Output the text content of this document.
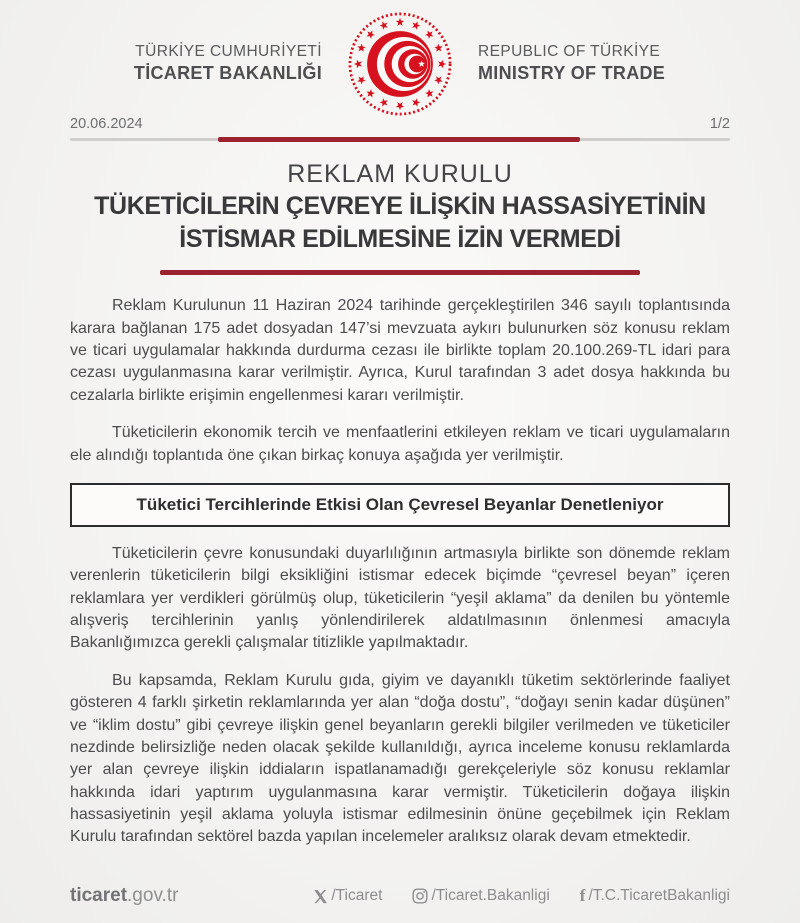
TÜRKİYE CUMHURİYETİ
TİCARET BAKANLIĞI
REPUBLIC OF TÜRKİYE
MINISTRY OF TRADE
20.06.2024	1/2
REKLAM KURULU
TÜKETİCİLERİN ÇEVREYE İLİŞKİN HASSASİYETİNİN
İSTİSMAR EDİLMESİNE İZİN VERMEDİ

Reklam Kurulunun 11 Haziran 2024 tarihinde gerçekleştirilen 346 sayılı toplantısında karara bağlanan 175 adet dosyadan 147’si mevzuata aykırı bulunurken söz konusu reklam ve ticari uygulamalar hakkında durdurma cezası ile birlikte toplam 20.100.269-TL idari para cezası uygulanmasına karar verilmiştir. Ayrıca, Kurul tarafından 3 adet dosya hakkında bu cezalarla birlikte erişimin engellenmesi kararı verilmiştir.

Tüketicilerin ekonomik tercih ve menfaatlerini etkileyen reklam ve ticari uygulamaların ele alındığı toplantıda öne çıkan birkaç konuya aşağıda yer verilmiştir.

Tüketici Tercihlerinde Etkisi Olan Çevresel Beyanlar Denetleniyor

Tüketicilerin çevre konusundaki duyarlılığının artmasıyla birlikte son dönemde reklam verenlerin tüketicilerin bilgi eksikliğini istismar edecek biçimde “çevresel beyan” içeren reklamlara yer verdikleri görülmüş olup, tüketicilerin “yeşil aklama” da denilen bu yöntemle alışveriş tercihlerinin yanlış yönlendirilerek aldatılmasının önlenmesi amacıyla Bakanlığımızca gerekli çalışmalar titizlikle yapılmaktadır.

Bu kapsamda, Reklam Kurulu gıda, giyim ve dayanıklı tüketim sektörlerinde faaliyet gösteren 4 farklı şirketin reklamlarında yer alan “doğa dostu”, “doğayı senin kadar düşünen” ve “iklim dostu” gibi çevreye ilişkin genel beyanların gerekli bilgiler verilmeden ve tüketiciler nezdinde belirsizliğe neden olacak şekilde kullanıldığı, ayrıca inceleme konusu reklamlarda yer alan çevreye ilişkin iddiaların ispatlanamadığı gerekçeleriyle söz konusu reklamlar hakkında idari yaptırım uygulanmasına karar vermiştir. Tüketicilerin doğaya ilişkin hassasiyetinin yeşil aklama yoluyla istismar edilmesinin önüne geçebilmek için Reklam Kurulu tarafından sektörel bazda yapılan incelemeler aralıksız olarak devam etmektedir.

ticaret.gov.tr	/Ticaret	/Ticaret.Bakanligi f /T.C.TicaretBakanligi
